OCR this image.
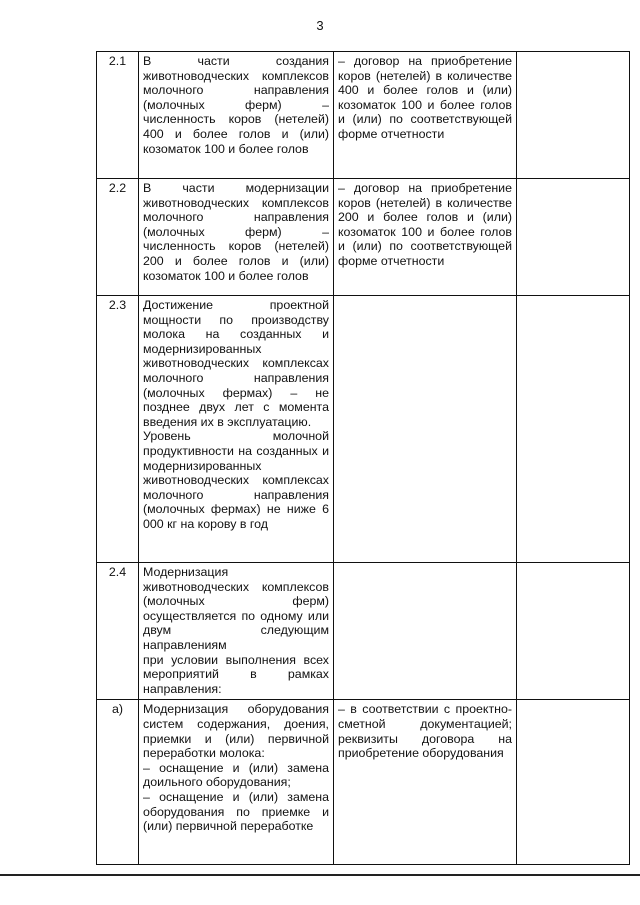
3
2.1	В части создания животноводческих комплексов молочного направления (молочных ферм) – численность коров (нетелей) 400 и более голов и (или) козоматок 100 и более голов	– договор на приобретение коров (нетелей) в количестве 400 и более голов и (или) козоматок 100 и более голов и (или) по соответствующей форме отчетности	
2.2	В части модернизации животноводческих комплексов молочного направления (молочных ферм) – численность коров (нетелей) 200 и более голов и (или) козоматок 100 и более голов	– договор на приобретение коров (нетелей) в количестве 200 и более голов и (или) козоматок 100 и более голов и (или) по соответствующей форме отчетности	
2.3	Достижение проектной мощности по производству молока на созданных и модернизированных животноводческих комплексах молочного направления (молочных фермах) – не позднее двух лет с момента введения их в эксплуатацию.
Уровень молочной продуктивности на созданных и модернизированных животноводческих комплексах молочного направления (молочных фермах) не ниже 6 000 кг на корову в год		

2.4	Модернизация животноводческих комплексов (молочных ферм) осуществляется по одному или двум следующим направлениям
при условии выполнения всех мероприятий в рамках направления:		

а)	Модернизация оборудования систем содержания, доения, приемки и (или) первичной переработки молока:
– оснащение и (или) замена доильного оборудования;
– оснащение и (или) замена оборудования по приемке и (или) первичной переработке	– в соответствии с проектно-сметной документацией; реквизиты договора на приобретение оборудования	
